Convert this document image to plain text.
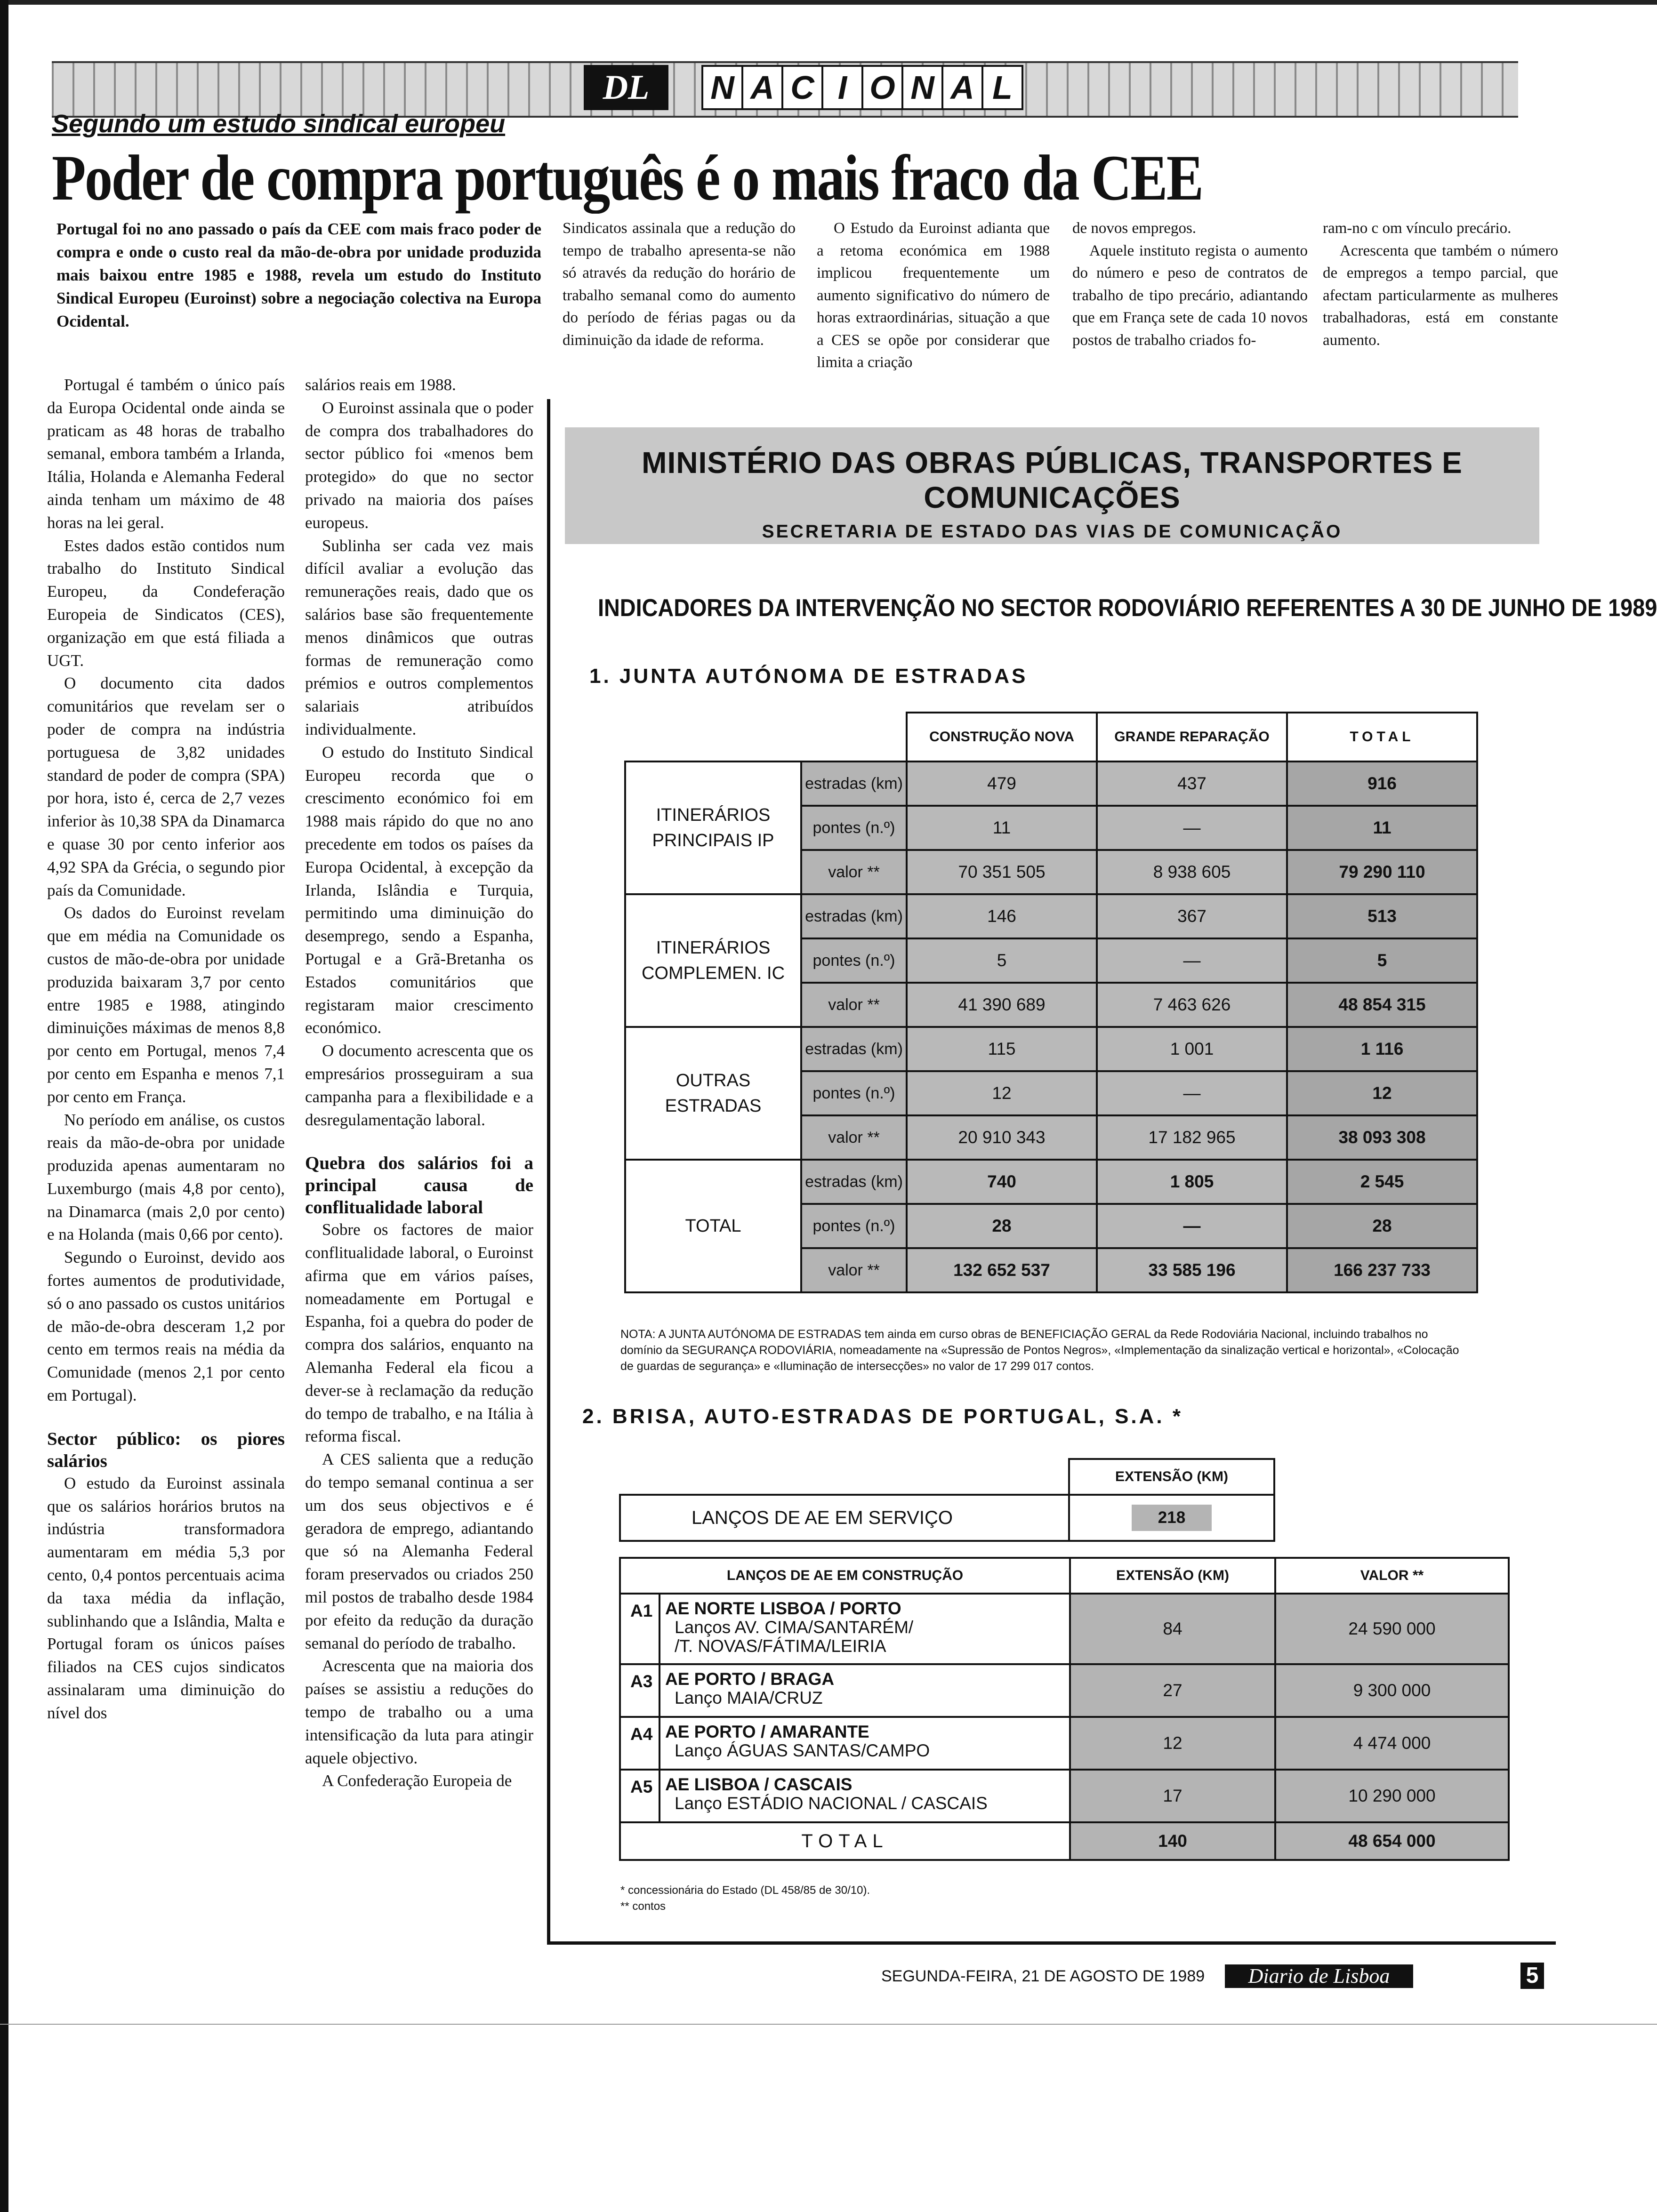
DL	N A C I O N A L
Segundo um estudo sindical europeu
Poder de compra português é o mais fraco da CEE
Portugal foi no ano passado o país da CEE com mais fraco poder de compra e onde o custo real da mão-de-obra por unidade produzida mais baixou entre 1985 e 1988, revela um estudo do Instituto Sindical Europeu (Euroinst) sobre a negociação colectiva na Europa Ocidental.

Portugal é também o único país da Europa Ocidental onde ainda se praticam as 48 horas de trabalho semanal, embora também a Irlanda, Itália, Holanda e Alemanha Federal ainda tenham um máximo de 48 horas na lei geral.

Estes dados estão contidos num trabalho do Instituto Sindical Europeu, da Condeferação Europeia de Sindicatos (CES), organização em que está filiada a UGT.

O documento cita dados comunitários que revelam ser o poder de compra na indústria portuguesa de 3,82 unidades standard de poder de compra (SPA) por hora, isto é, cerca de 2,7 vezes inferior às 10,38 SPA da Dinamarca e quase 30 por cento inferior aos 4,92 SPA da Grécia, o segundo pior país da Comunidade.

Os dados do Euroinst revelam que em média na Comunidade os custos de mão-de-obra por unidade produzida baixaram 3,7 por cento entre 1985 e 1988, atingindo diminuições máximas de menos 8,8 por cento em Portugal, menos 7,4 por cento em Espanha e menos 7,1 por cento em França.

No período em análise, os custos reais da mão-de-obra por unidade produzida apenas aumentaram no Luxemburgo (mais 4,8 por cento), na Dinamarca (mais 2,0 por cento) e na Holanda (mais 0,66 por cento).

Segundo o Euroinst, devido aos fortes aumentos de produtividade, só o ano passado os custos unitários de mão-de-obra desceram 1,2 por cento em termos reais na média da Comunidade (menos 2,1 por cento em Portugal).

Sector público: os piores salários

O estudo da Euroinst assinala que os salários horários brutos na indústria transformadora aumentaram em média 5,3 por cento, 0,4 pontos percentuais acima da taxa média da inflação, sublinhando que a Islândia, Malta e Portugal foram os únicos países filiados na CES cujos sindicatos assinalaram uma diminuição do nível dos

salários reais em 1988.

O Euroinst assinala que o poder de compra dos trabalhadores do sector público foi «menos bem protegido» do que no sector privado na maioria dos países europeus.

Sublinha ser cada vez mais difícil avaliar a evolução das remunerações reais, dado que os salários base são frequentemente menos dinâmicos que outras formas de remuneração como prémios e outros complementos salariais atribuídos individualmente.

O estudo do Instituto Sindical Europeu recorda que o crescimento económico foi em 1988 mais rápido do que no ano precedente em todos os países da Europa Ocidental, à excepção da Irlanda, Islândia e Turquia, permitindo uma diminuição do desemprego, sendo a Espanha, Portugal e a Grã-Bretanha os Estados comunitários que registaram maior crescimento económico.

O documento acrescenta que os empresários prosseguiram a sua campanha para a flexibilidade e a desregulamentação laboral.

Quebra dos salários foi a principal causa de conflitualidade laboral

Sobre os factores de maior conflitualidade laboral, o Euroinst afirma que em vários países, nomeadamente em Portugal e Espanha, foi a quebra do poder de compra dos salários, enquanto na Alemanha Federal ela ficou a dever-se à reclamação da redução do tempo de trabalho, e na Itália à reforma fiscal.

A CES salienta que a redução do tempo semanal continua a ser um dos seus objectivos e é geradora de emprego, adiantando que só na Alemanha Federal foram preservados ou criados 250 mil postos de trabalho desde 1984 por efeito da redução da duração semanal do período de trabalho.

Acrescenta que na maioria dos países se assistiu a reduções do tempo de trabalho ou a uma intensificação da luta para atingir aquele objectivo.

A Confederação Europeia de

Sindicatos assinala que a redução do tempo de trabalho apresenta-se não só através da redução do horário de trabalho semanal como do aumento do período de férias pagas ou da diminuição da idade de reforma.

O Estudo da Euroinst adianta que a retoma económica em 1988 implicou frequentemente um aumento significativo do número de horas extraordinárias, situação a que a CES se opõe por considerar que limita a criação

de novos empregos.

Aquele instituto regista o aumento do número e peso de contratos de trabalho de tipo precário, adiantando que em França sete de cada 10 novos postos de trabalho criados fo-

ram-no c om vínculo precário.

Acrescenta que também o número de empregos a tempo parcial, que afectam particularmente as mulheres trabalhadoras, está em constante aumento.

MINISTÉRIO DAS OBRAS PÚBLICAS, TRANSPORTES E COMUNICAÇÕES
SECRETARIA DE ESTADO DAS VIAS DE COMUNICAÇÃO
INDICADORES DA INTERVENÇÃO NO SECTOR RODOVIÁRIO REFERENTES A 30 DE JUNHO DE 1989
1. JUNTA AUTÓNOMA DE ESTRADAS
		CONSTRUÇÃO NOVA	GRANDE REPARAÇÃO	TOTAL
ITINERÁRIOS PRINCIPAIS IP	estradas (km)	479	437	916
	pontes (n.º)	11	—	11
	valor **	70 351 505	8 938 605	79 290 110
ITINERÁRIOS COMPLEMEN. IC	estradas (km)	146	367	513
	pontes (n.º)	5	—	5
	valor **	41 390 689	7 463 626	48 854 315
OUTRAS ESTRADAS	estradas (km)	115	1 001	1 116
	pontes (n.º)	12	—	12
	valor **	20 910 343	17 182 965	38 093 308
TOTAL	estradas (km)	740	1 805	2 545
	pontes (n.º)	28	—	28
	valor **	132 652 537	33 585 196	166 237 733
NOTA: A JUNTA AUTÓNOMA DE ESTRADAS tem ainda em curso obras de BENEFICIAÇÃO GERAL da Rede Rodoviária Nacional, incluindo trabalhos no domínio da SEGURANÇA RODOVIÁRIA, nomeadamente na «Supressão de Pontos Negros», «Implementação da sinalização vertical e horizontal», «Colocação de guardas de segurança» e «Iluminação de intersecções» no valor de 17 299 017 contos.
2. BRISA, AUTO-ESTRADAS DE PORTUGAL, S.A. *
	EXTENSÃO (KM)
LANÇOS DE AE EM SERVIÇO	218
LANÇOS DE AE EM CONSTRUÇÃO		EXTENSÃO (KM)	VALOR **
A1	AE NORTE LISBOA / PORTO
Lanços AV. CIMA/SANTARÉM/
/T. NOVAS/FÁTIMA/LEIRIA	84	24 590 000
A3	AE PORTO / BRAGA
Lanço MAIA/CRUZ	27	9 300 000
A4	AE PORTO / AMARANTE
Lanço ÁGUAS SANTAS/CAMPO	12	4 474 000
A5	AE LISBOA / CASCAIS
Lanço ESTÁDIO NACIONAL / CASCAIS	17	10 290 000
TOTAL		140	48 654 000
* concessionária do Estado (DL 458/85 de 30/10).
** contos
SEGUNDA-FEIRA, 21 DE AGOSTO DE 1989	Diario de Lisboa	5
